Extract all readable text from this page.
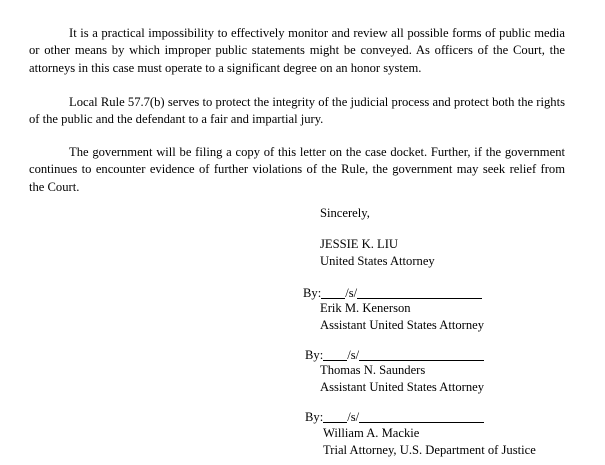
It is a practical impossibility to effectively monitor and review all possible forms of public media or other means by which improper public statements might be conveyed. As officers of the Court, the attorneys in this case must operate to a significant degree on an honor system.

Local Rule 57.7(b) serves to protect the integrity of the judicial process and protect both the rights of the public and the defendant to a fair and impartial jury.

The government will be filing a copy of this letter on the case docket. Further, if the government continues to encounter evidence of further violations of the Rule, the government may seek relief from the Court.

Sincerely,

JESSIE K. LIU

United States Attorney

By: /s/

Erik M. Kenerson

Assistant United States Attorney

By: /s/

Thomas N. Saunders

Assistant United States Attorney

By: /s/

William A. Mackie

Trial Attorney, U.S. Department of Justice
